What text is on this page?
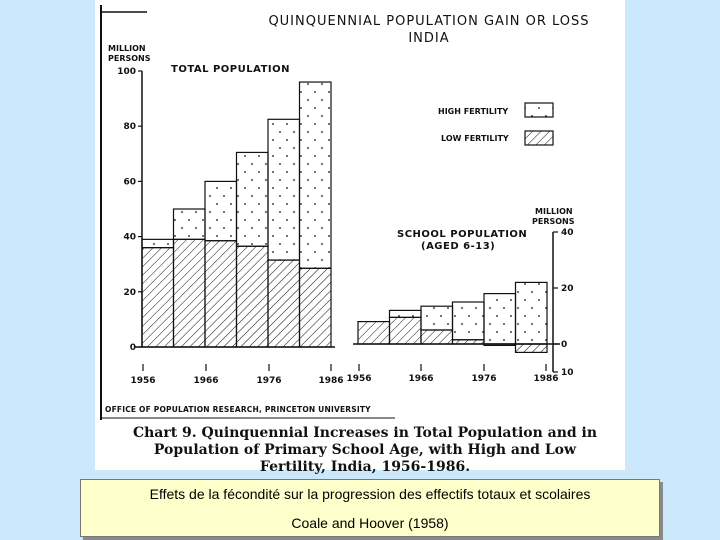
QUINQUENNIAL POPULATION GAIN OR LOSS
INDIA
MILLION
PERSONS
TOTAL POPULATION
0
20
40
60
80
100
1956	1966	1976	1986
HIGH FERTILITY
LOW FERTILITY
SCHOOL POPULATION
(AGED 6-13)
MILLION
PERSONS
40
20
0
10
1956	1966	1976	1986
OFFICE OF POPULATION RESEARCH, PRINCETON UNIVERSITY
Chart 9. Quinquennial Increases in Total Population and in Population of Primary School Age, with High and Low Fertility, India, 1956-1986.
Effets de la fécondité sur la progression des effectifs totaux et scolaires
Coale and Hoover (1958)
